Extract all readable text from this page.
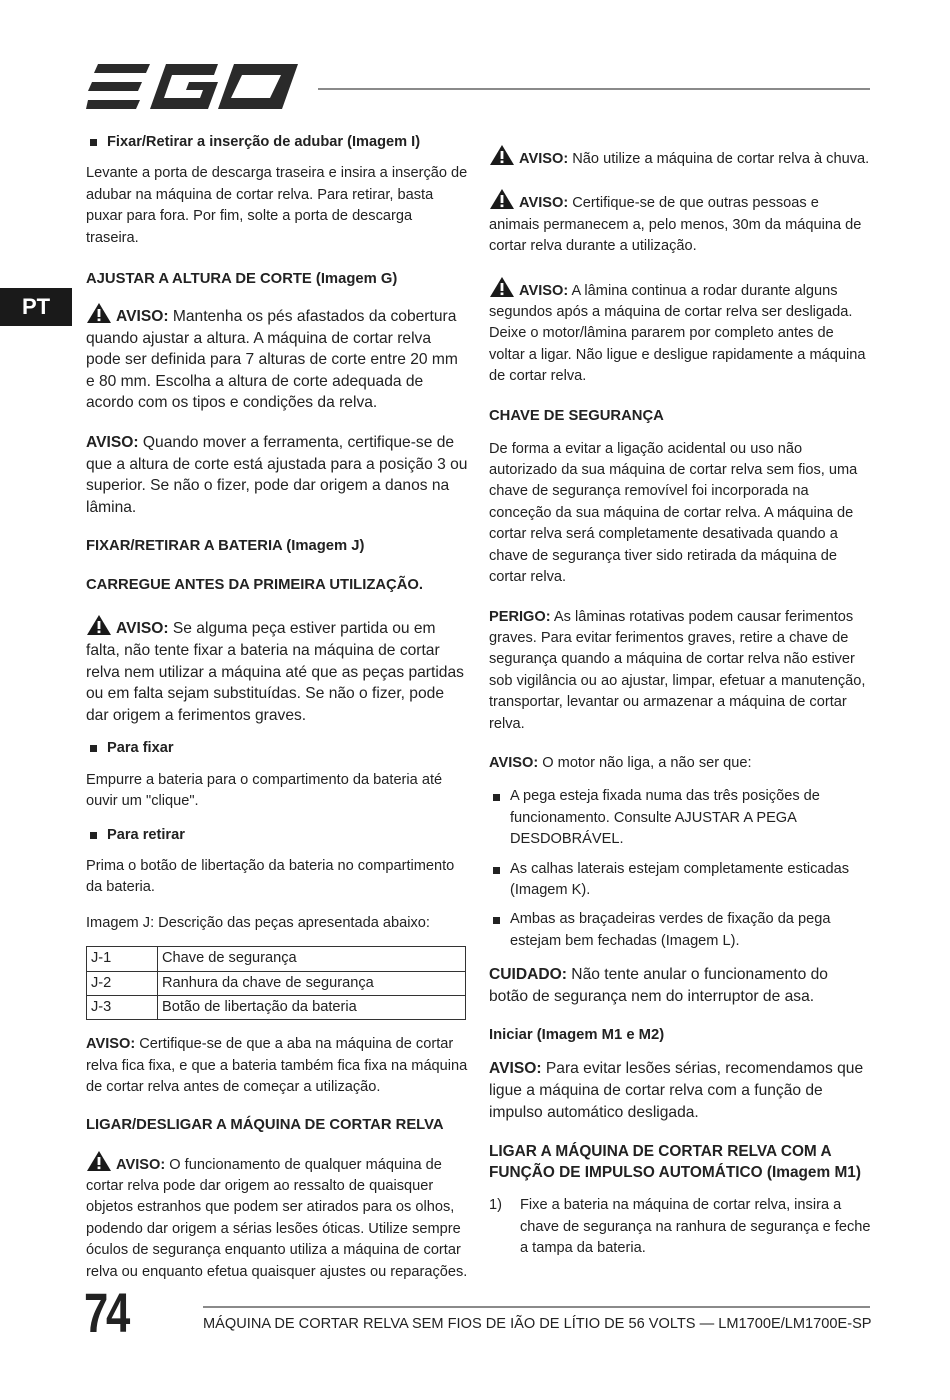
PT
Fixar/Retirar a inserção de adubar (Imagem I)

Levante a porta de descarga traseira e insira a inserção de adubar na máquina de cortar relva. Para retirar, basta puxar para fora. Por fim, solte a porta de descarga traseira.

AJUSTAR A ALTURA DE CORTE (Imagem G)

AVISO: Mantenha os pés afastados da cobertura quando ajustar a altura. A máquina de cortar relva pode ser definida para 7 alturas de corte entre 20 mm e 80 mm. Escolha a altura de corte adequada de acordo com os tipos e condições da relva.

AVISO: Quando mover a ferramenta, certifique-se de que a altura de corte está ajustada para a posição 3 ou superior. Se não o fizer, pode dar origem a danos na lâmina.

FIXAR/RETIRAR A BATERIA (Imagem J)
CARREGUE ANTES DA PRIMEIRA UTILIZAÇÃO.

AVISO: Se alguma peça estiver partida ou em falta, não tente fixar a bateria na máquina de cortar relva nem utilizar a máquina até que as peças partidas ou em falta sejam substituídas. Se não o fizer, pode dar origem a ferimentos graves.

Para fixar

Empurre a bateria para o compartimento da bateria até ouvir um "clique".

Para retirar

Prima o botão de libertação da bateria no compartimento da bateria.

Imagem J: Descrição das peças apresentada abaixo:

J-1	Chave de segurança
J-2	Ranhura da chave de segurança
J-3	Botão de libertação da bateria

AVISO: Certifique-se de que a aba na máquina de cortar relva fica fixa, e que a bateria também fica fixa na máquina de cortar relva antes de começar a utilização.

LIGAR/DESLIGAR A MÁQUINA DE CORTAR RELVA

AVISO: O funcionamento de qualquer máquina de cortar relva pode dar origem ao ressalto de quaisquer objetos estranhos que podem ser atirados para os olhos, podendo dar origem a sérias lesões óticas. Utilize sempre óculos de segurança enquanto utiliza a máquina de cortar relva ou enquanto efetua quaisquer ajustes ou reparações.

AVISO: Não utilize a máquina de cortar relva à chuva.

AVISO: Certifique-se de que outras pessoas e animais permanecem a, pelo menos, 30m da máquina de cortar relva durante a utilização.

AVISO: A lâmina continua a rodar durante alguns segundos após a máquina de cortar relva ser desligada. Deixe o motor/lâmina pararem por completo antes de voltar a ligar. Não ligue e desligue rapidamente a máquina de cortar relva.

CHAVE DE SEGURANÇA

De forma a evitar a ligação acidental ou uso não autorizado da sua máquina de cortar relva sem fios, uma chave de segurança removível foi incorporada na conceção da sua máquina de cortar relva. A máquina de cortar relva será completamente desativada quando a chave de segurança tiver sido retirada da máquina de cortar relva.

PERIGO: As lâminas rotativas podem causar ferimentos graves. Para evitar ferimentos graves, retire a chave de segurança quando a máquina de cortar relva não estiver sob vigilância ou ao ajustar, limpar, efetuar a manutenção, transportar, levantar ou armazenar a máquina de cortar relva.

AVISO: O motor não liga, a não ser que:

A pega esteja fixada numa das três posições de funcionamento. Consulte AJUSTAR A PEGA DESDOBRÁVEL.
As calhas laterais estejam completamente esticadas (Imagem K).
Ambas as braçadeiras verdes de fixação da pega estejam bem fechadas (Imagem L).

CUIDADO: Não tente anular o funcionamento do botão de segurança nem do interruptor de asa.

Iniciar (Imagem M1 e M2)

AVISO: Para evitar lesões sérias, recomendamos que ligue a máquina de cortar relva com a função de impulso automático desligada.

LIGAR A MÁQUINA DE CORTAR RELVA COM A FUNÇÃO DE IMPULSO AUTOMÁTICO (Imagem M1)
1)	Fixe a bateria na máquina de cortar relva, insira a chave de segurança na ranhura de segurança e feche a tampa da bateria.
74	MÁQUINA DE CORTAR RELVA SEM FIOS DE IÃO DE LÍTIO DE 56 VOLTS — LM1700E/LM1700E-SP
